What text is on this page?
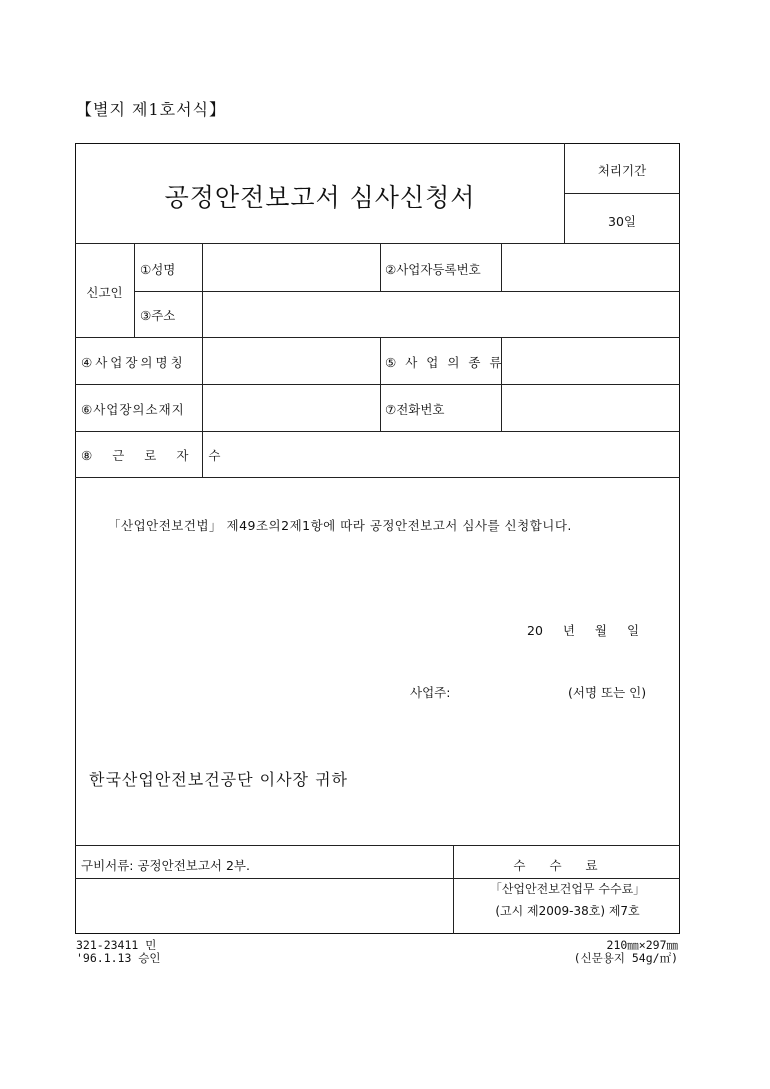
【별지 제1호서식】
공정안전보고서 심사신청서
처리기간
30일
신고인
①성명	②사업자등록번호
③주소
④사업장의명칭	⑤사업의종류
⑥사업장의소재지	⑦전화번호
⑧근로자수
「산업안전보건법」 제49조의2제1항에 따라 공정안전보고서 심사를 신청합니다.
20 년 월 일
사업주:	(서명 또는 인)
한국산업안전보건공단 이사장 귀하
구비서류: 공정안전보고서 2부.	수수료
「산업안전보건업무 수수료」
(고시 제2009-38호) 제7호
321-23411 민
'96.1.13 승인
210㎜×297㎜
(신문용지 54g/㎡)
